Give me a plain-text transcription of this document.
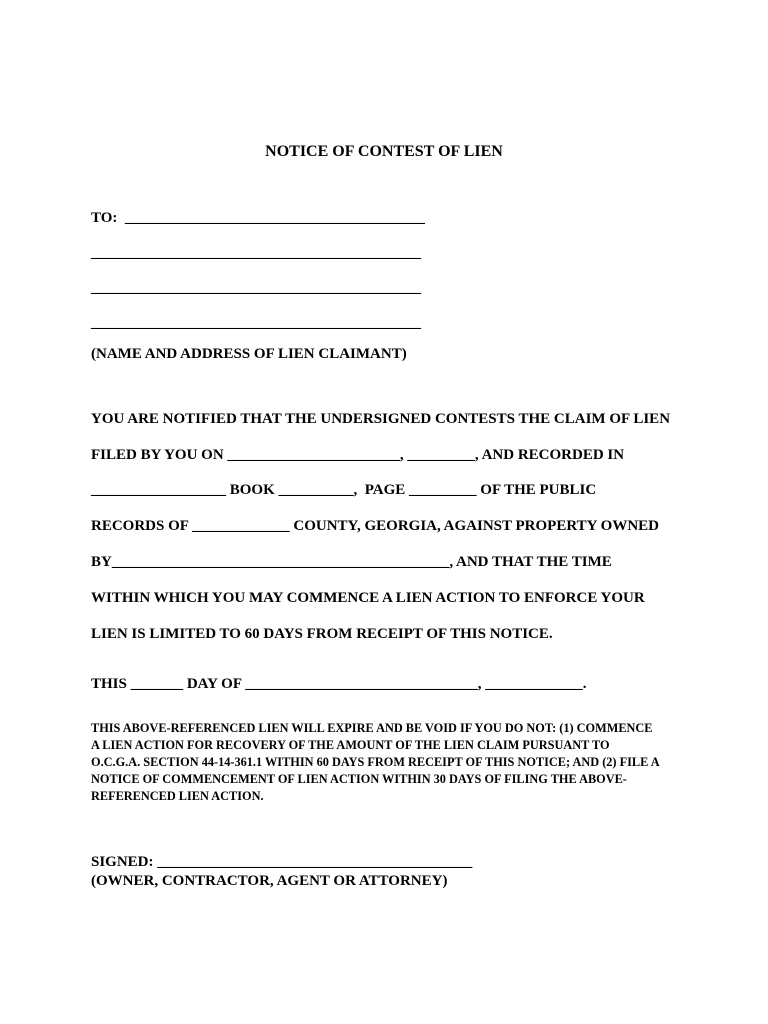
NOTICE OF CONTEST OF LIEN
TO:  ________________________________________
____________________________________________
____________________________________________
____________________________________________
(NAME AND ADDRESS OF LIEN CLAIMANT)
YOU ARE NOTIFIED THAT THE UNDERSIGNED CONTESTS THE CLAIM OF LIEN
FILED BY YOU ON _______________________, _________, AND RECORDED IN
__________________ BOOK __________,  PAGE _________ OF THE PUBLIC
RECORDS OF _____________ COUNTY, GEORGIA, AGAINST PROPERTY OWNED
BY_____________________________________________, AND THAT THE TIME
WITHIN WHICH YOU MAY COMMENCE A LIEN ACTION TO ENFORCE YOUR
LIEN IS LIMITED TO 60 DAYS FROM RECEIPT OF THIS NOTICE.
THIS _______ DAY OF _______________________________, _____________.
THIS ABOVE-REFERENCED LIEN WILL EXPIRE AND BE VOID IF YOU DO NOT: (1) COMMENCE
A LIEN ACTION FOR RECOVERY OF THE AMOUNT OF THE LIEN CLAIM PURSUANT TO
O.C.G.A. SECTION 44-14-361.1 WITHIN 60 DAYS FROM RECEIPT OF THIS NOTICE; AND (2) FILE A
NOTICE OF COMMENCEMENT OF LIEN ACTION WITHIN 30 DAYS OF FILING THE ABOVE-
REFERENCED LIEN ACTION.
SIGNED: __________________________________________
(OWNER, CONTRACTOR, AGENT OR ATTORNEY)
